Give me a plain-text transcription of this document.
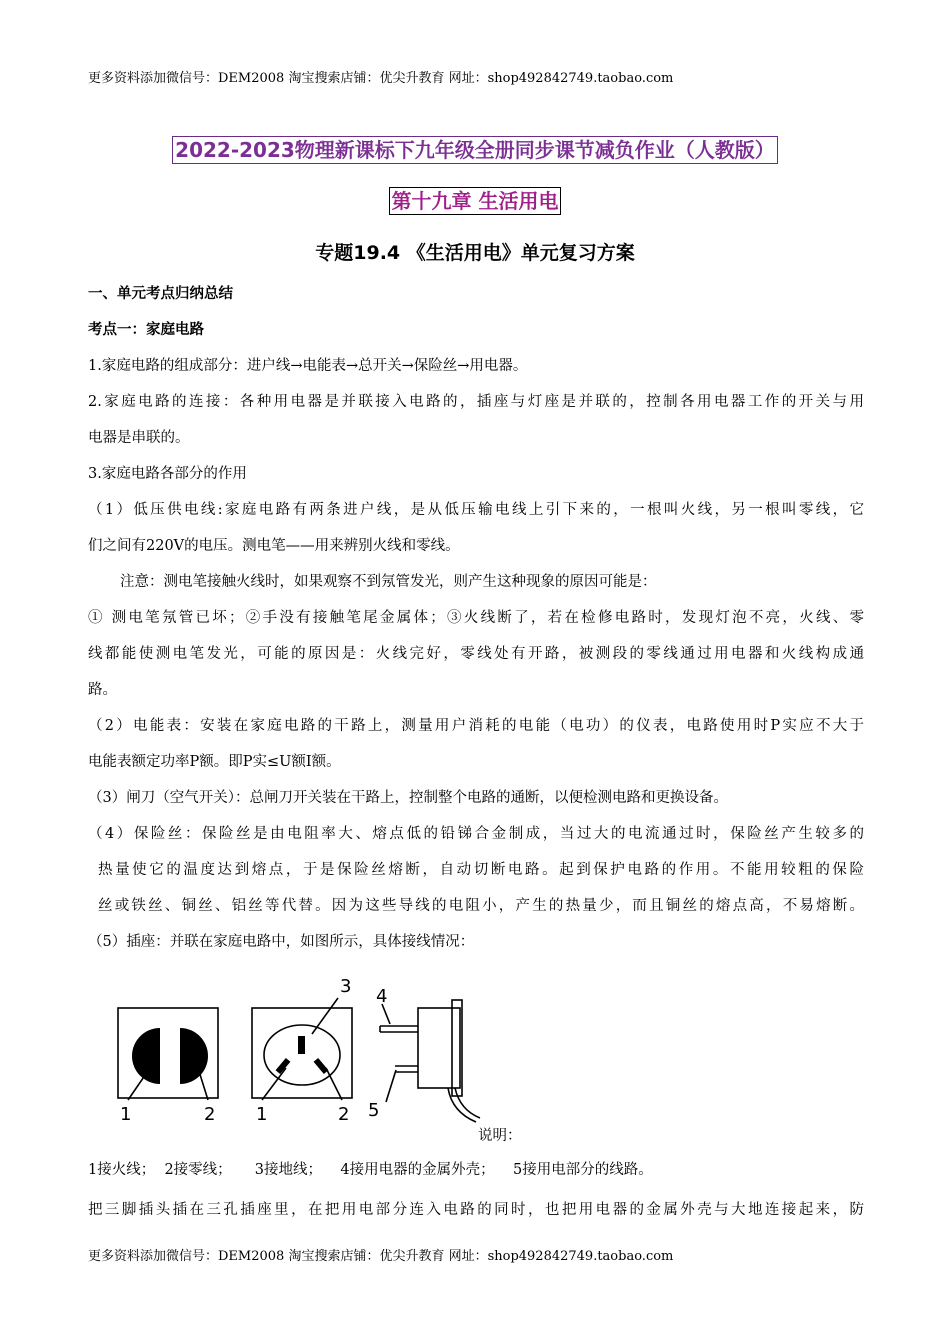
更多资料添加微信号：DEM2008 淘宝搜索店铺：优尖升教育 网址：shop492842749.taobao.com
2022-2023物理新课标下九年级全册同步课节减负作业（人教版）
第十九章 生活用电
专题19.4 《生活用电》单元复习方案
一、单元考点归纳总结
考点一：家庭电路
1.家庭电路的组成部分：进户线→电能表→总开关→保险丝→用电器。
2.家庭电路的连接：各种用电器是并联接入电路的，插座与灯座是并联的，控制各用电器工作的开关与用
电器是串联的。
3.家庭电路各部分的作用
（1）低压供电线:家庭电路有两条进户线，是从低压输电线上引下来的，一根叫火线，另一根叫零线，它
们之间有220V的电压。测电笔——用来辨别火线和零线。
注意：测电笔接触火线时，如果观察不到氖管发光，则产生这种现象的原因可能是：
① 测电笔氖管已坏；②手没有接触笔尾金属体；③火线断了，若在检修电路时，发现灯泡不亮，火线、零
线都能使测电笔发光，可能的原因是：火线完好，零线处有开路，被测段的零线通过用电器和火线构成通
路。
（2）电能表：安装在家庭电路的干路上，测量用户消耗的电能（电功）的仪表，电路使用时P实应不大于
电能表额定功率P额。即P实≤U额I额。
（3）闸刀（空气开关）：总闸刀开关装在干路上，控制整个电路的通断，以便检测电路和更换设备。
（4）保险丝：保险丝是由电阻率大、熔点低的铅锑合金制成，当过大的电流通过时，保险丝产生较多的
热量使它的温度达到熔点，于是保险丝熔断，自动切断电路。起到保护电路的作用。不能用较粗的保险
丝或铁丝、铜丝、铝丝等代替。因为这些导线的电阻小，产生的热量少，而且铜丝的熔点高，不易熔断。
（5）插座：并联在家庭电路中，如图所示，具体接线情况：
1	2 1	2
3 4
5
说明：
1接火线；  2接零线；     3接地线；    4接用电器的金属外壳；    5接用电部分的线路。
把三脚插头插在三孔插座里，在把用电部分连入电路的同时，也把用电器的金属外壳与大地连接起来，防
更多资料添加微信号：DEM2008 淘宝搜索店铺：优尖升教育 网址：shop492842749.taobao.com
